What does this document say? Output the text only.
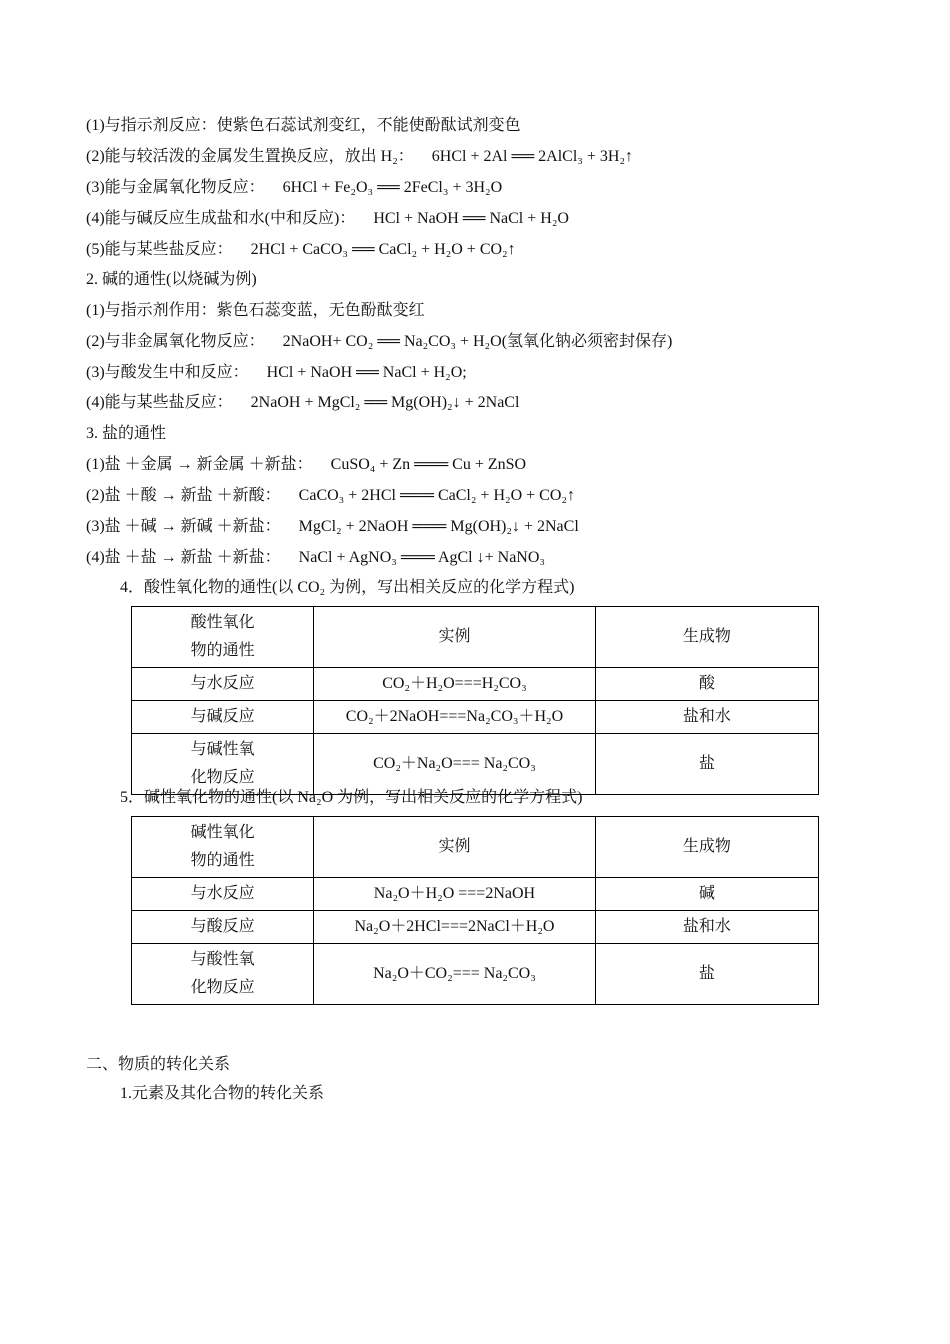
(1)与指示剂反应：使紫色石蕊试剂变红，不能使酚酞试剂变色
(2)能与较活泼的金属发生置换反应，放出 H₂： 6HCl + 2Al ══ 2AlCl₃ + 3H₂↑
(3)能与金属氧化物反应： 6HCl + Fe₂O₃ ══ 2FeCl₃ + 3H₂O
(4)能与碱反应生成盐和水(中和反应)： HCl + NaOH ══ NaCl + H₂O
(5)能与某些盐反应： 2HCl + CaCO₃ ══ CaCl₂ + H₂O + CO₂↑
2. 碱的通性(以烧碱为例)
(1)与指示剂作用：紫色石蕊变蓝，无色酚酞变红
(2)与非金属氧化物反应： 2NaOH+ CO₂ ══ Na₂CO₃ + H₂O(氢氧化钠必须密封保存)
(3)与酸发生中和反应： HCl + NaOH ══ NaCl + H₂O;
(4)能与某些盐反应： 2NaOH + MgCl₂ ══ Mg(OH)₂↓ + 2NaCl
3. 盐的通性
(1)盐 ＋金属 → 新金属 ＋新盐： CuSO₄ + Zn ═══ Cu + ZnSO
(2)盐 ＋酸 → 新盐 ＋新酸： CaCO₃ + 2HCl ═══ CaCl₂ + H₂O + CO₂↑
(3)盐 ＋碱 → 新碱 ＋新盐： MgCl₂ + 2NaOH ═══ Mg(OH)₂↓ + 2NaCl
(4)盐 ＋盐 → 新盐 ＋新盐： NaCl + AgNO₃ ═══ AgCl ↓+ NaNO₃
4．酸性氧化物的通性(以 CO₂ 为例，写出相关反应的化学方程式)
酸性氧化
物的通性	实例	生成物
与水反应	CO₂＋H₂O===H₂CO₃	酸
与碱反应	CO₂＋2NaOH===Na₂CO₃＋H₂O	盐和水

与碱性氧
化物反应	CO₂＋Na₂O=== Na₂CO₃	盐
5．碱性氧化物的通性(以 Na₂O 为例，写出相关反应的化学方程式)
碱性氧化
物的通性	实例	生成物
与水反应	Na₂O＋H₂O ===2NaOH	碱
与酸反应	Na₂O＋2HCl===2NaCl＋H₂O	盐和水

与酸性氧
化物反应	Na₂O＋CO₂=== Na₂CO₃	盐
二、物质的转化关系
1.元素及其化合物的转化关系
